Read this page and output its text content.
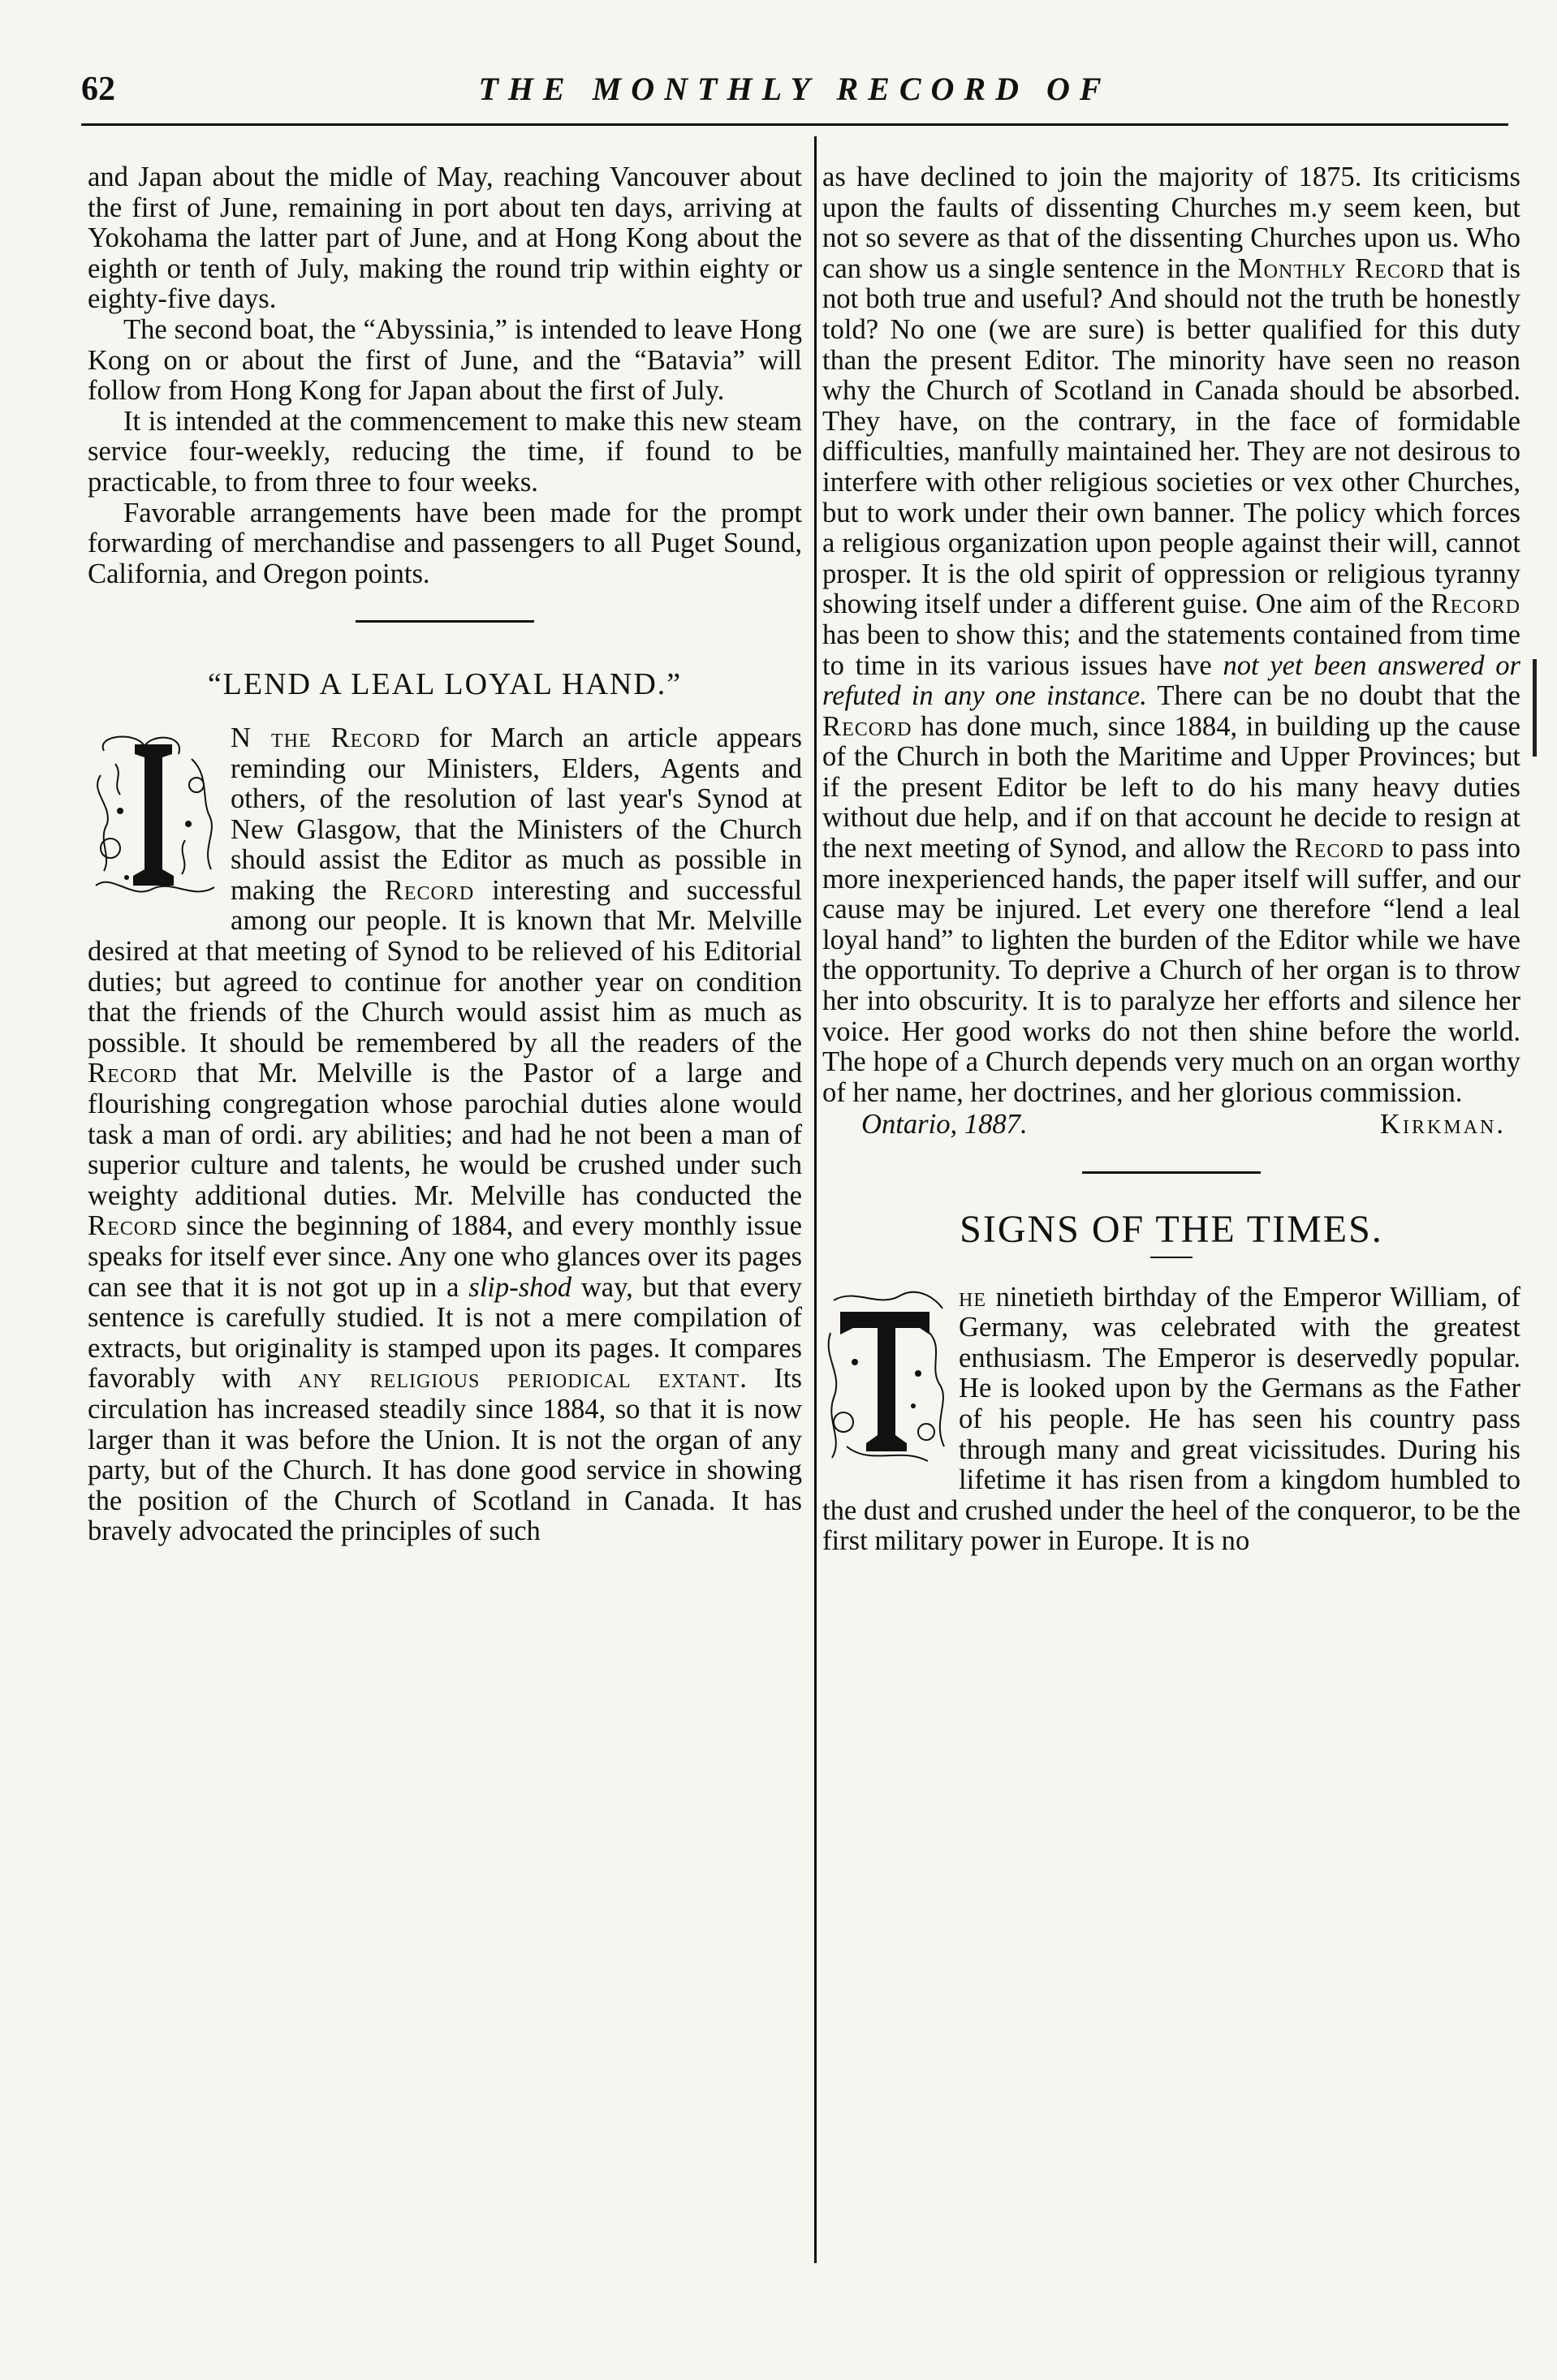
62	THE MONTHLY RECORD OF

and Japan about the midle of May, reaching Vancouver about the first of June, remaining in port about ten days, arriving at Yokohama the latter part of June, and at Hong Kong about the eighth or tenth of July, making the round trip within eighty or eighty-five days.

The second boat, the “Abyssinia,” is intended to leave Hong Kong on or about the first of June, and the “Batavia” will follow from Hong Kong for Japan about the first of July.

It is intended at the commencement to make this new steam service four-weekly, reducing the time, if found to be practicable, to from three to four weeks.

Favorable arrangements have been made for the prompt forwarding of merchandise and passengers to all Puget Sound, California, and Oregon points.

“LEND A LEAL LOYAL HAND.”

N the Record for March an article appears reminding our Ministers, Elders, Agents and others, of the resolution of last year's Synod at New Glasgow, that the Ministers of the Church should assist the Editor as much as possible in making the Record interesting and successful among our people. It is known that Mr. Melville desired at that meeting of Synod to be relieved of his Editorial duties; but agreed to continue for another year on condition that the friends of the Church would assist him as much as possible. It should be remembered by all the readers of the Record that Mr. Melville is the Pastor of a large and flourishing congregation whose parochial duties alone would task a man of ordi. ary abilities; and had he not been a man of superior culture and talents, he would be crushed under such weighty additional duties. Mr. Melville has conducted the Record since the beginning of 1884, and every monthly issue speaks for itself ever since. Any one who glances over its pages can see that it is not got up in a slip-shod way, but that every sentence is carefully studied. It is not a mere compilation of extracts, but originality is stamped upon its pages. It compares favorably with any religious periodical extant. Its circulation has increased steadily since 1884, so that it is now larger than it was before the Union. It is not the organ of any party, but of the Church. It has done good service in showing the position of the Church of Scotland in Canada. It has bravely advocated the principles of such

as have declined to join the majority of 1875. Its criticisms upon the faults of dissenting Churches m.y seem keen, but not so severe as that of the dissenting Churches upon us. Who can show us a single sentence in the Monthly Record that is not both true and useful? And should not the truth be honestly told? No one (we are sure) is better qualified for this duty than the present Editor. The minority have seen no reason why the Church of Scotland in Canada should be absorbed. They have, on the contrary, in the face of formidable difficulties, manfully maintained her. They are not desirous to interfere with other religious societies or vex other Churches, but to work under their own banner. The policy which forces a religious organization upon people against their will, cannot prosper. It is the old spirit of oppression or religious tyranny showing itself under a different guise. One aim of the Record has been to show this; and the statements contained from time to time in its various issues have not yet been answered or refuted in any one instance. There can be no doubt that the Record has done much, since 1884, in building up the cause of the Church in both the Maritime and Upper Provinces; but if the present Editor be left to do his many heavy duties without due help, and if on that account he decide to resign at the next meeting of Synod, and allow the Record to pass into more inexperienced hands, the paper itself will suffer, and our cause may be injured. Let every one therefore “lend a leal loyal hand” to lighten the burden of the Editor while we have the opportunity. To deprive a Church of her organ is to throw her into obscurity. It is to paralyze her efforts and silence her voice. Her good works do not then shine before the world. The hope of a Church depends very much on an organ worthy of her name, her doctrines, and her glorious commission.

Ontario, 1887.	Kirkman.
SIGNS OF THE TIMES.

he ninetieth birthday of the Emperor William, of Germany, was celebrated with the greatest enthusiasm. The Emperor is deservedly popular. He is looked upon by the Germans as the Father of his people. He has seen his country pass through many and great vicissitudes. During his lifetime it has risen from a kingdom humbled to the dust and crushed under the heel of the conqueror, to be the first military power in Europe. It is no
